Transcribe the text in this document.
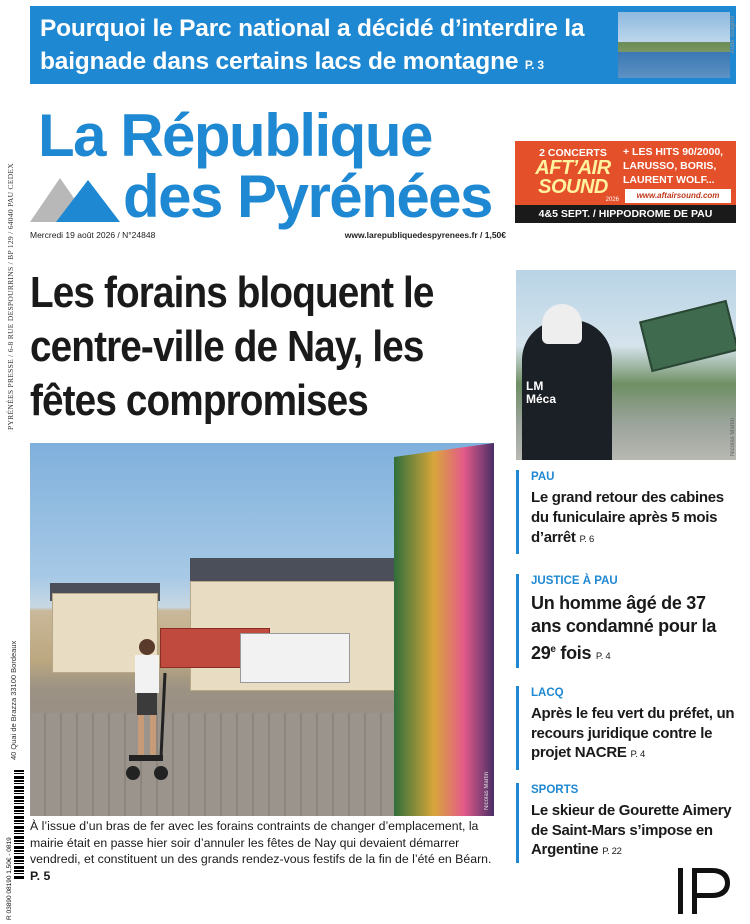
Pourquoi le Parc national a décidé d’interdire la baignade dans certains lacs de montagne P. 3
Aude Scagnol
PYRÉNÉES PRESSE / 6-8 RUE DESPOURRINS / BP 129 / 64040 PAU CEDEX
40 Quai de Brazza 33100 Bordeaux
R 03890 08190 1,50€ - 0819
La République
des Pyrénées
Mercredi 19 août 2026 / N°24848	www.larepubliquedespyrenees.fr / 1,50€
2 CONCERTS
AFT’AIR
SOUND
2026
+ LES HITS 90/2000, LARUSSO, BORIS, LAURENT WOLF...
www.aftairsound.com
4&5 SEPT. / HIPPODROME DE PAU
Les forains bloquent le centre-ville de Nay, les fêtes compromises
Nicolas Martin
À l’issue d’un bras de fer avec les forains contraints de changer d’emplacement, la mairie était en passe hier soir d’annuler les fêtes de Nay qui devaient démarrer vendredi, et constituent un des grands rendez-vous festifs de la fin de l’été en Béarn. P. 5
LM
Méca
Nicolas Martin
PAU
Le grand retour des cabines du funiculaire après 5 mois d’arrêt P. 6
JUSTICE À PAU
Un homme âgé de 37 ans condamné pour la 29e fois P. 4
LACQ
Après le feu vert du préfet, un recours juridique contre le projet NACRE P. 4
SPORTS
Le skieur de Gourette Aimery de Saint-Mars s’impose en Argentine P. 22
